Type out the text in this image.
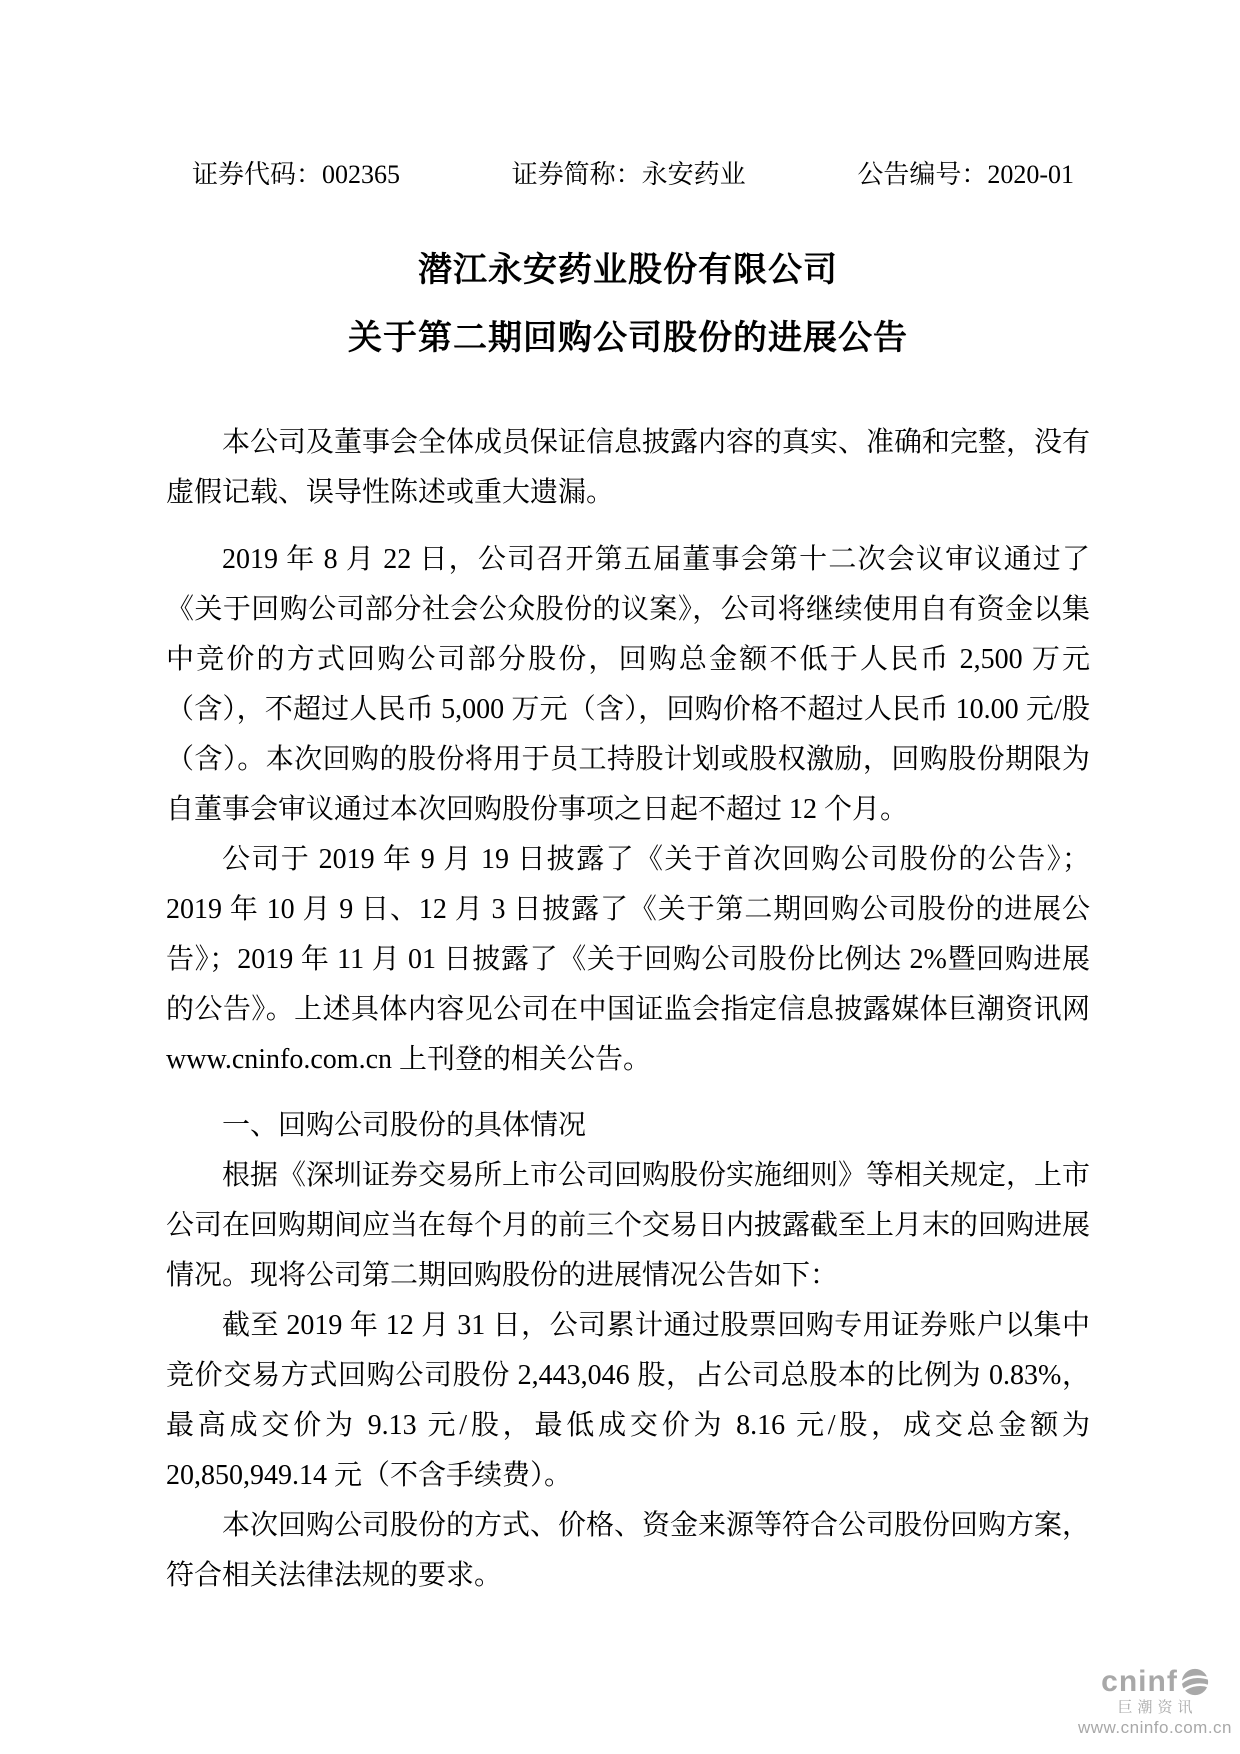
证券代码：002365	证券简称：永安药业	公告编号：2020-01
潜江永安药业股份有限公司
关于第二期回购公司股份的进展公告

本公司及董事会全体成员保证信息披露内容的真实、准确和完整，没有虚假记载、误导性陈述或重大遗漏。

2019 年 8 月 22 日，公司召开第五届董事会第十二次会议审议通过了《关于回购公司部分社会公众股份的议案》，公司将继续使用自有资金以集中竞价的方式回购公司部分股份，回购总金额不低于人民币 2,500 万元（含），不超过人民币 5,000 万元（含），回购价格不超过人民币 10.00 元/股（含）。本次回购的股份将用于员工持股计划或股权激励，回购股份期限为自董事会审议通过本次回购股份事项之日起不超过 12 个月。

公司于 2019 年 9 月 19 日披露了《关于首次回购公司股份的公告》；2019 年 10 月 9 日、12 月 3 日披露了《关于第二期回购公司股份的进展公告》；2019 年 11 月 01 日披露了《关于回购公司股份比例达 2%暨回购进展的公告》。上述具体内容见公司在中国证监会指定信息披露媒体巨潮资讯网 www.cninfo.com.cn 上刊登的相关公告。

一、回购公司股份的具体情况

根据《深圳证券交易所上市公司回购股份实施细则》等相关规定，上市公司在回购期间应当在每个月的前三个交易日内披露截至上月末的回购进展情况。现将公司第二期回购股份的进展情况公告如下：

截至 2019 年 12 月 31 日，公司累计通过股票回购专用证券账户以集中竞价交易方式回购公司股份 2,443,046 股，占公司总股本的比例为 0.83%，最高成交价为 9.13 元/股，最低成交价为 8.16 元/股，成交总金额为 20,850,949.14 元（不含手续费）。

本次回购公司股份的方式、价格、资金来源等符合公司股份回购方案，符合相关法律法规的要求。

cninf
巨潮资讯
www.cninfo.com.cn
